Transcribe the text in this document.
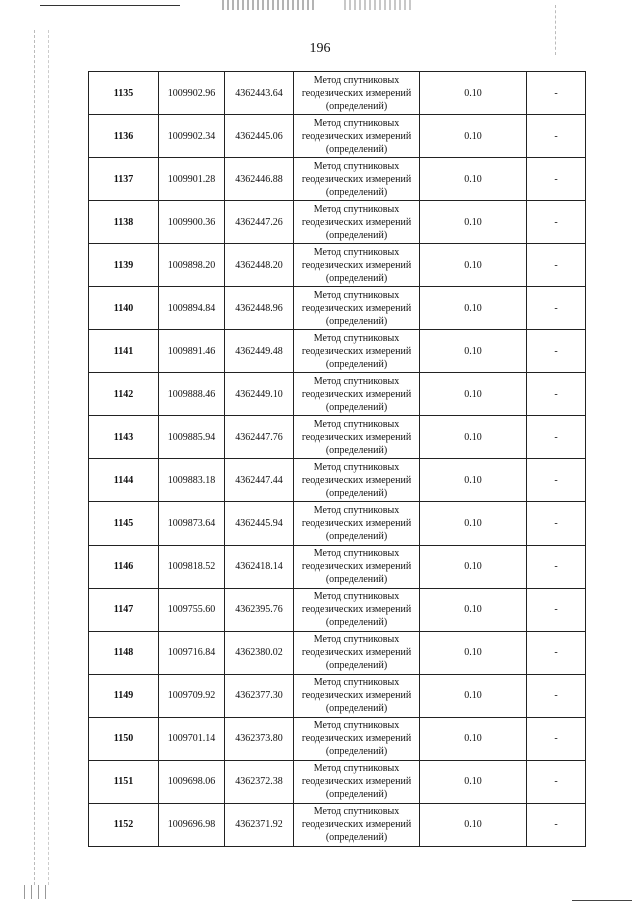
196
1135	1009902.96	4362443.64	Метод спутниковых
геодезических измерений
(определений)	0.10	-
1136	1009902.34	4362445.06	Метод спутниковых
геодезических измерений
(определений)	0.10	-
1137	1009901.28	4362446.88	Метод спутниковых
геодезических измерений
(определений)	0.10	-
1138	1009900.36	4362447.26	Метод спутниковых
геодезических измерений
(определений)	0.10	-
1139	1009898.20	4362448.20	Метод спутниковых
геодезических измерений
(определений)	0.10	-
1140	1009894.84	4362448.96	Метод спутниковых
геодезических измерений
(определений)	0.10	-
1141	1009891.46	4362449.48	Метод спутниковых
геодезических измерений
(определений)	0.10	-
1142	1009888.46	4362449.10	Метод спутниковых
геодезических измерений
(определений)	0.10	-
1143	1009885.94	4362447.76	Метод спутниковых
геодезических измерений
(определений)	0.10	-
1144	1009883.18	4362447.44	Метод спутниковых
геодезических измерений
(определений)	0.10	-
1145	1009873.64	4362445.94	Метод спутниковых
геодезических измерений
(определений)	0.10	-
1146	1009818.52	4362418.14	Метод спутниковых
геодезических измерений
(определений)	0.10	-
1147	1009755.60	4362395.76	Метод спутниковых
геодезических измерений
(определений)	0.10	-
1148	1009716.84	4362380.02	Метод спутниковых
геодезических измерений
(определений)	0.10	-
1149	1009709.92	4362377.30	Метод спутниковых
геодезических измерений
(определений)	0.10	-
1150	1009701.14	4362373.80	Метод спутниковых
геодезических измерений
(определений)	0.10	-
1151	1009698.06	4362372.38	Метод спутниковых
геодезических измерений
(определений)	0.10	-
1152	1009696.98	4362371.92	Метод спутниковых
геодезических измерений
(определений)	0.10	-
